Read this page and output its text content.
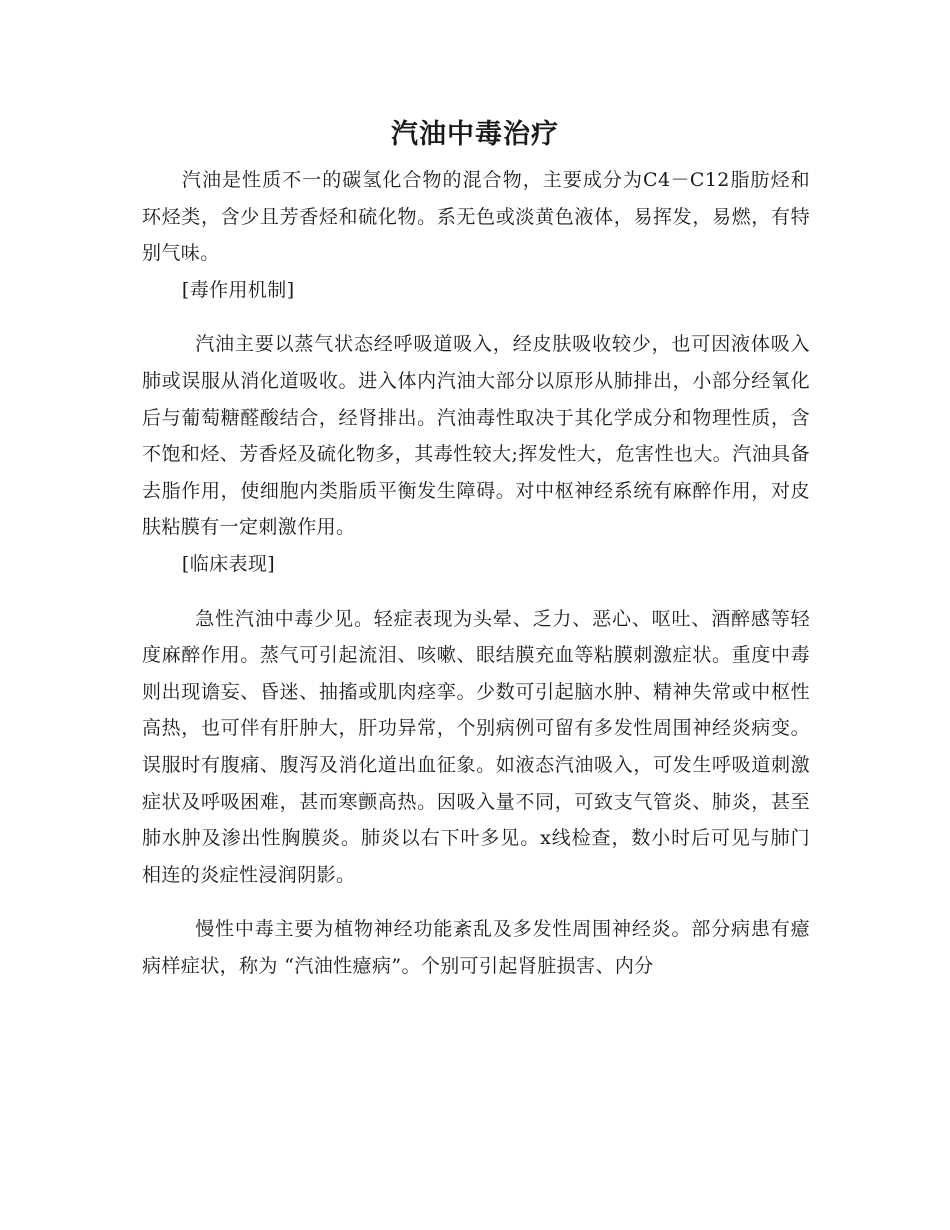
汽油中毒治疗

汽油是性质不一的碳氢化合物的混合物，主要成分为C4－C12脂肪烃和环烃类，含少且芳香烃和硫化物。系无色或淡黄色液体，易挥发，易燃，有特别气味。

[毒作用机制]

汽油主要以蒸气状态经呼吸道吸入，经皮肤吸收较少，也可因液体吸入肺或误服从消化道吸收。进入体内汽油大部分以原形从肺排出，小部分经氧化后与葡萄糖醛酸结合，经肾排出。汽油毒性取决于其化学成分和物理性质，含不饱和烃、芳香烃及硫化物多，其毒性较大;挥发性大，危害性也大。汽油具备去脂作用，使细胞内类脂质平衡发生障碍。对中枢神经系统有麻醉作用，对皮肤粘膜有一定刺激作用。

[临床表现]

急性汽油中毒少见。轻症表现为头晕、乏力、恶心、呕吐、酒醉感等轻度麻醉作用。蒸气可引起流泪、咳嗽、眼结膜充血等粘膜刺激症状。重度中毒则出现谵妄、昏迷、抽搐或肌肉痉挛。少数可引起脑水肿、精神失常或中枢性高热，也可伴有肝肿大，肝功异常，个别病例可留有多发性周围神经炎病变。误服时有腹痛、腹泻及消化道出血征象。如液态汽油吸入，可发生呼吸道刺激症状及呼吸困难，甚而寒颤高热。因吸入量不同，可致支气管炎、肺炎，甚至肺水肿及渗出性胸膜炎。肺炎以右下叶多见。x线检查，数小时后可见与肺门相连的炎症性浸润阴影。

慢性中毒主要为植物神经功能紊乱及多发性周围神经炎。部分病患有癔病样症状，称为 “汽油性癔病”。个别可引起肾脏损害、内分
